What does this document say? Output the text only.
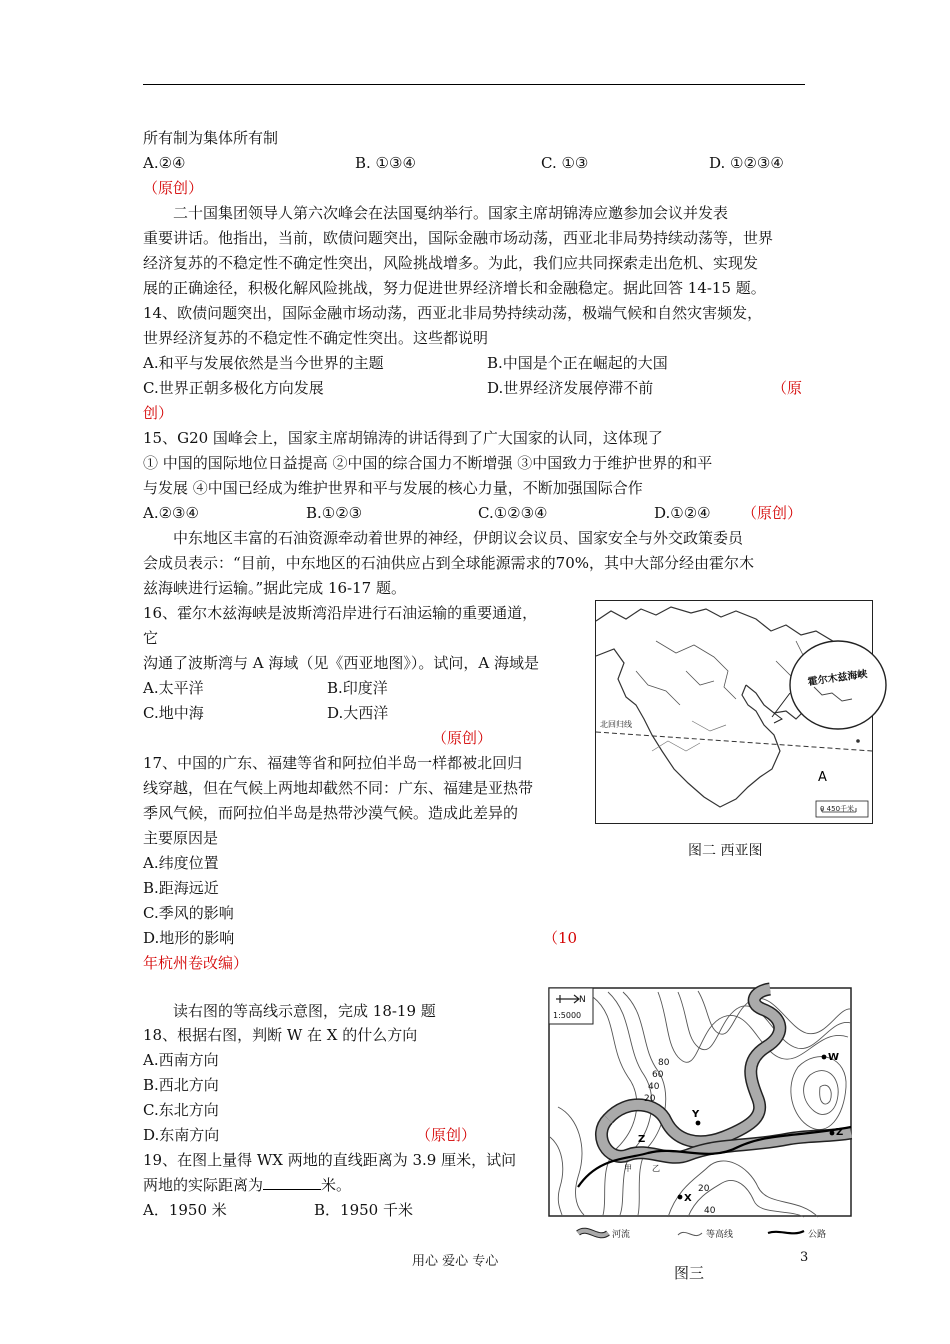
所有制为集体所有制
A.②④	B. ①③④	C. ①③	D. ①②③④
（原创）
二十国集团领导人第六次峰会在法国戛纳举行。国家主席胡锦涛应邀参加会议并发表
重要讲话。他指出，当前，欧债问题突出，国际金融市场动荡，西亚北非局势持续动荡等，世界
经济复苏的不稳定性不确定性突出，风险挑战增多。为此，我们应共同探索走出危机、实现发
展的正确途径，积极化解风险挑战，努力促进世界经济增长和金融稳定。据此回答 14-15 题。
14、欧债问题突出，国际金融市场动荡，西亚北非局势持续动荡，极端气候和自然灾害频发，
世界经济复苏的不稳定性不确定性突出。这些都说明
A.和平与发展依然是当今世界的主题	B.中国是个正在崛起的大国
C.世界正朝多极化方向发展	D.世界经济发展停滞不前	（原
创）
15、G20 国峰会上，国家主席胡锦涛的讲话得到了广大国家的认同，这体现了
① 中国的国际地位日益提高 ②中国的综合国力不断增强 ③中国致力于维护世界的和平
与发展 ④中国已经成为维护世界和平与发展的核心力量，不断加强国际合作
A.②③④	B.①②③	C.①②③④	D.①②④ （原创）
中东地区丰富的石油资源牵动着世界的神经，伊朗议会议员、国家安全与外交政策委员
会成员表示：“目前，中东地区的石油供应占到全球能源需求的70%，其中大部分经由霍尔木
兹海峡进行运输。”据此完成 16-17 题。
16、霍尔木兹海峡是波斯湾沿岸进行石油运输的重要通道，
它
沟通了波斯湾与 A 海域（见《西亚地图》）。试问，A 海域是
A.太平洋	B.印度洋
C.地中海	D.大西洋
（原创）
17、中国的广东、福建等省和阿拉伯半岛一样都被北回归
线穿越，但在气候上两地却截然不同：广东、福建是亚热带
季风气候，而阿拉伯半岛是热带沙漠气候。造成此差异的
主要原因是
A.纬度位置
B.距海远近
C.季风的影响
D.地形的影响	（10
年杭州卷改编）
读右图的等高线示意图，完成 18-19 题
18、根据右图，判断 W 在 X 的什么方向
A.西南方向
B.西北方向
C.东北方向
D.东南方向	（原创）
19、在图上量得 WX 两地的直线距离为 3.9 厘米，试问
两地的实际距离为	米。
A．1950 米	B．1950 千米
北回归线
霍尔木兹海峡
A
0 450千米
图二 西亚图
N
1:5000
80
60
40
20
20
40
W
X
Y
Z
Z
甲	乙
河流	等高线	公路
图三
用心 爱心 专心	3
